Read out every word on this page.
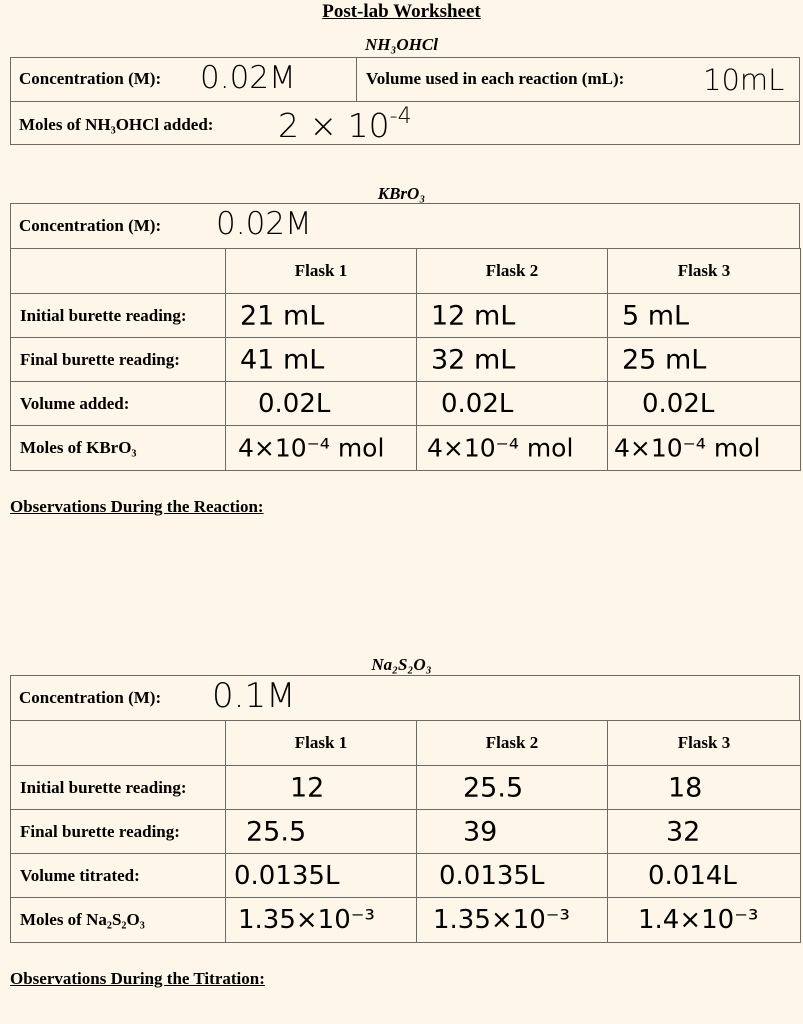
Post-lab Worksheet
NH₃OHCl
Concentration (M): 0.02M	Volume used in each reaction (mL):	10mL
Moles of NH₃OHCl added: $2 \times 10^{-4}$
KBrO₃
Concentration (M): 0.02M
	Flask 1	Flask 2	Flask 3
Initial burette reading:	21 mL	12 mL	5 mL

Final burette reading:	41 mL	32 mL	25 mL

Volume added:	0.02L	0.02L	0.02L

Moles of KBrO₃	4×10⁻⁴ mol	4×10⁻⁴ mol	4×10⁻⁴ mol
Observations During the Reaction:
Na₂S₂O₃
Concentration (M): 0.1M
	Flask 1	Flask 2	Flask 3
Initial burette reading:	12	25.5	18

Final burette reading:	25.5	39	32

Volume titrated:	0.0135L	0.0135L	0.014L

Moles of Na₂S₂O₃	1.35×10⁻³	1.35×10⁻³	1.4×10⁻³
Observations During the Titration:
